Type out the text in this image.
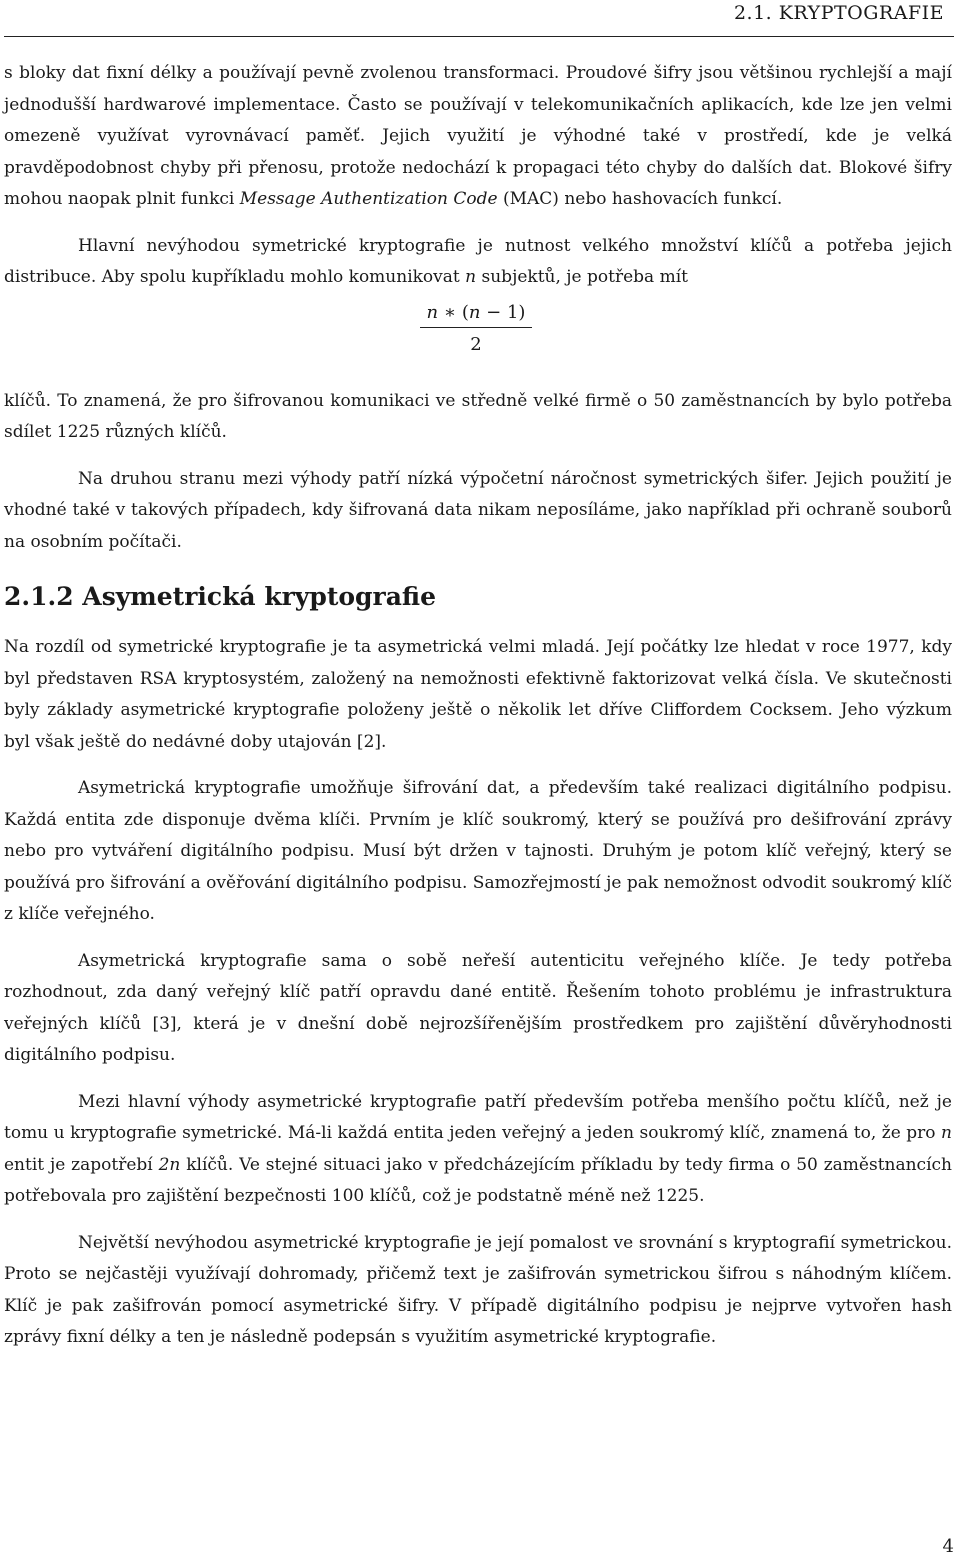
2.1. KRYPTOGRAFIE

s bloky dat fixní délky a používají pevně zvolenou transformaci. Proudové šifry jsou většinou rychlejší a mají jednodušší hardwarové implementace. Často se používají v telekomunikačních aplikacích, kde lze jen velmi omezeně využívat vyrovnávací paměť. Jejich využití je výhodné také v prostředí, kde je velká pravděpodobnost chyby při přenosu, protože nedochází k propagaci této chyby do dalších dat. Blokové šifry mohou naopak plnit funkci Message Authentization Code (MAC) nebo hashovacích funkcí.

Hlavní nevýhodou symetrické kryptografie je nutnost velkého množství klíčů a potřeba jejich distribuce. Aby spolu kupříkladu mohlo komunikovat n subjektů, je potřeba mít

$\frac{n ∗ (n - 1)}{2}$

klíčů. To znamená, že pro šifrovanou komunikaci ve středně velké firmě o 50 zaměstnancích by bylo potřeba sdílet 1225 různých klíčů.

Na druhou stranu mezi výhody patří nízká výpočetní náročnost symetrických šifer. Jejich použití je vhodné také v takových případech, kdy šifrovaná data nikam neposíláme, jako například při ochraně souborů na osobním počítači.

2.1.2 Asymetrická kryptografie

Na rozdíl od symetrické kryptografie je ta asymetrická velmi mladá. Její počátky lze hledat v roce 1977, kdy byl představen RSA kryptosystém, založený na nemožnosti efektivně faktorizovat velká čísla. Ve skutečnosti byly základy asymetrické kryptografie položeny ještě o několik let dříve Cliffordem Cocksem. Jeho výzkum byl však ještě do nedávné doby utajován [2].

Asymetrická kryptografie umožňuje šifrování dat, a především také realizaci digitálního podpisu. Každá entita zde disponuje dvěma klíči. Prvním je klíč soukromý, který se používá pro dešifrování zprávy nebo pro vytváření digitálního podpisu. Musí být držen v tajnosti. Druhým je potom klíč veřejný, který se používá pro šifrování a ověřování digitálního podpisu. Samozřejmostí je pak nemožnost odvodit soukromý klíč z klíče veřejného.

Asymetrická kryptografie sama o sobě neřeší autenticitu veřejného klíče. Je tedy potřeba rozhodnout, zda daný veřejný klíč patří opravdu dané entitě. Řešením tohoto problému je infrastruktura veřejných klíčů [3], která je v dnešní době nejrozšířenějším prostředkem pro zajištění důvěryhodnosti digitálního podpisu.

Mezi hlavní výhody asymetrické kryptografie patří především potřeba menšího počtu klíčů, než je tomu u kryptografie symetrické. Má-li každá entita jeden veřejný a jeden soukromý klíč, znamená to, že pro n entit je zapotřebí 2n klíčů. Ve stejné situaci jako v předcházejícím příkladu by tedy firma o 50 zaměstnancích potřebovala pro zajištění bezpečnosti 100 klíčů, což je podstatně méně než 1225.

Největší nevýhodou asymetrické kryptografie je její pomalost ve srovnání s kryptografií symetrickou. Proto se nejčastěji využívají dohromady, přičemž text je zašifrován symetrickou šifrou s náhodným klíčem. Klíč je pak zašifrován pomocí asymetrické šifry. V případě digitálního podpisu je nejprve vytvořen hash zprávy fixní délky a ten je následně podepsán s využitím asymetrické kryptografie.

4
